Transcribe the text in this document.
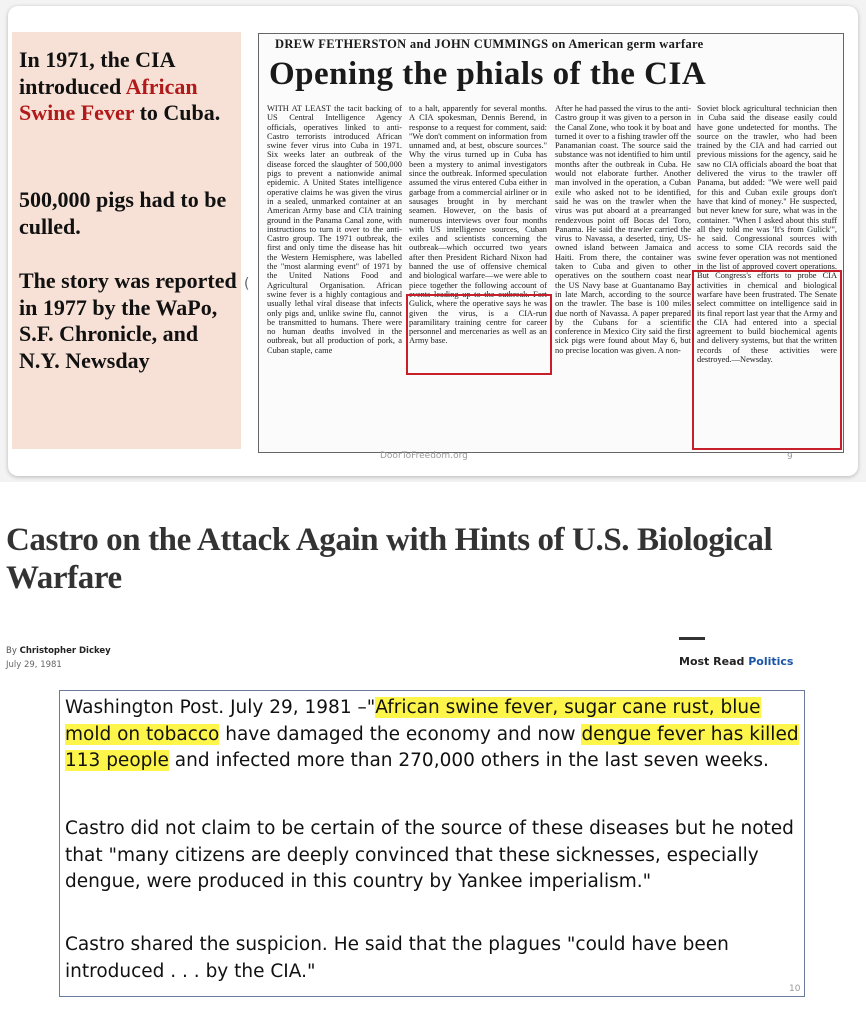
In 1971, the CIA introduced African Swine Fever to Cuba.

500,000 pigs had to be culled.

The story was reported in 1977 by the WaPo, S.F. Chronicle, and N.Y. Newsday

(
DREW FETHERSTON and JOHN CUMMINGS on American germ warfare
Opening the phials of the CIA
WITH AT LEAST the tacit backing of US Central Intelligence Agency officials, operatives linked to anti-Castro terrorists introduced African swine fever virus into Cuba in 1971. Six weeks later an outbreak of the disease forced the slaughter of 500,000 pigs to prevent a nationwide animal epidemic. A United States intelligence operative claims he was given the virus in a sealed, unmarked container at an American Army base and CIA training ground in the Panama Canal zone, with instructions to turn it over to the anti-Castro group. The 1971 outbreak, the first and only time the disease has hit the Western Hemisphere, was labelled the "most alarming event" of 1971 by the United Nations Food and Agricultural Organisation. African swine fever is a highly contagious and usually lethal viral disease that infects only pigs and, unlike swine flu, cannot be transmitted to humans. There were no human deaths involved in the outbreak, but all production of pork, a Cuban staple, came
to a halt, apparently for several months. A CIA spokesman, Dennis Berend, in response to a request for comment, said: "We don't comment on information from unnamed and, at best, obscure sources." Why the virus turned up in Cuba has been a mystery to animal investigators since the outbreak. Informed speculation assumed the virus entered Cuba either in garbage from a commercial airliner or in sausages brought in by merchant seamen. However, on the basis of numerous interviews over four months with US intelligence sources, Cuban exiles and scientists concerning the outbreak—which occurred two years after then President Richard Nixon had banned the use of offensive chemical and biological warfare—we were able to piece together the following account of events leading up to the outbreak. Fort Gulick, where the operative says he was given the virus, is a CIA-run paramilitary training centre for career personnel and mercenaries as well as an Army base.
After he had passed the virus to the anti-Castro group it was given to a person in the Canal Zone, who took it by boat and turned it over to a fishing trawler off the Panamanian coast. The source said the substance was not identified to him until months after the outbreak in Cuba. He would not elaborate further. Another man involved in the operation, a Cuban exile who asked not to be identified, said he was on the trawler when the virus was put aboard at a prearranged rendezvous point off Bocas del Toro, Panama. He said the trawler carried the virus to Navassa, a deserted, tiny, US-owned island between Jamaica and Haiti. From there, the container was taken to Cuba and given to other operatives on the southern coast near the US Navy base at Guantanamo Bay in late March, according to the source on the trawler. The base is 100 miles due north of Navassa. A paper prepared by the Cubans for a scientific conference in Mexico City said the first sick pigs were found about May 6, but no precise location was given. A non-
Soviet block agricultural technician then in Cuba said the disease easily could have gone undetected for months. The source on the trawler, who had been trained by the CIA and had carried out previous missions for the agency, said he saw no CIA officials aboard the boat that delivered the virus to the trawler off Panama, but added: "We were well paid for this and Cuban exile groups don't have that kind of money." He suspected, but never knew for sure, what was in the container. "When I asked about this stuff all they told me was 'It's from Gulick'", he said. Congressional sources with access to some CIA records said the swine fever operation was not mentioned in the list of approved covert operations. But Congress's efforts to probe CIA activities in chemical and biological warfare have been frustrated. The Senate select committee on intelligence said in its final report last year that the Army and the CIA had entered into a special agreement to build biochemical agents and delivery systems, but that the written records of these activities were destroyed.—Newsday.
DoorToFreedom.org	9
Castro on the Attack Again with Hints of U.S. Biological Warfare
By Christopher Dickey
July 29, 1981	Most Read Politics

Washington Post. July 29, 1981 –"African swine fever, sugar cane rust, blue mold on tobacco have damaged the economy and now dengue fever has killed 113 people and infected more than 270,000 others in the last seven weeks.

Castro did not claim to be certain of the source of these diseases but he noted that "many citizens are deeply convinced that these sicknesses, especially dengue, were produced in this country by Yankee imperialism."

Castro shared the suspicion. He said that the plagues "could have been introduced . . . by the CIA."

10
